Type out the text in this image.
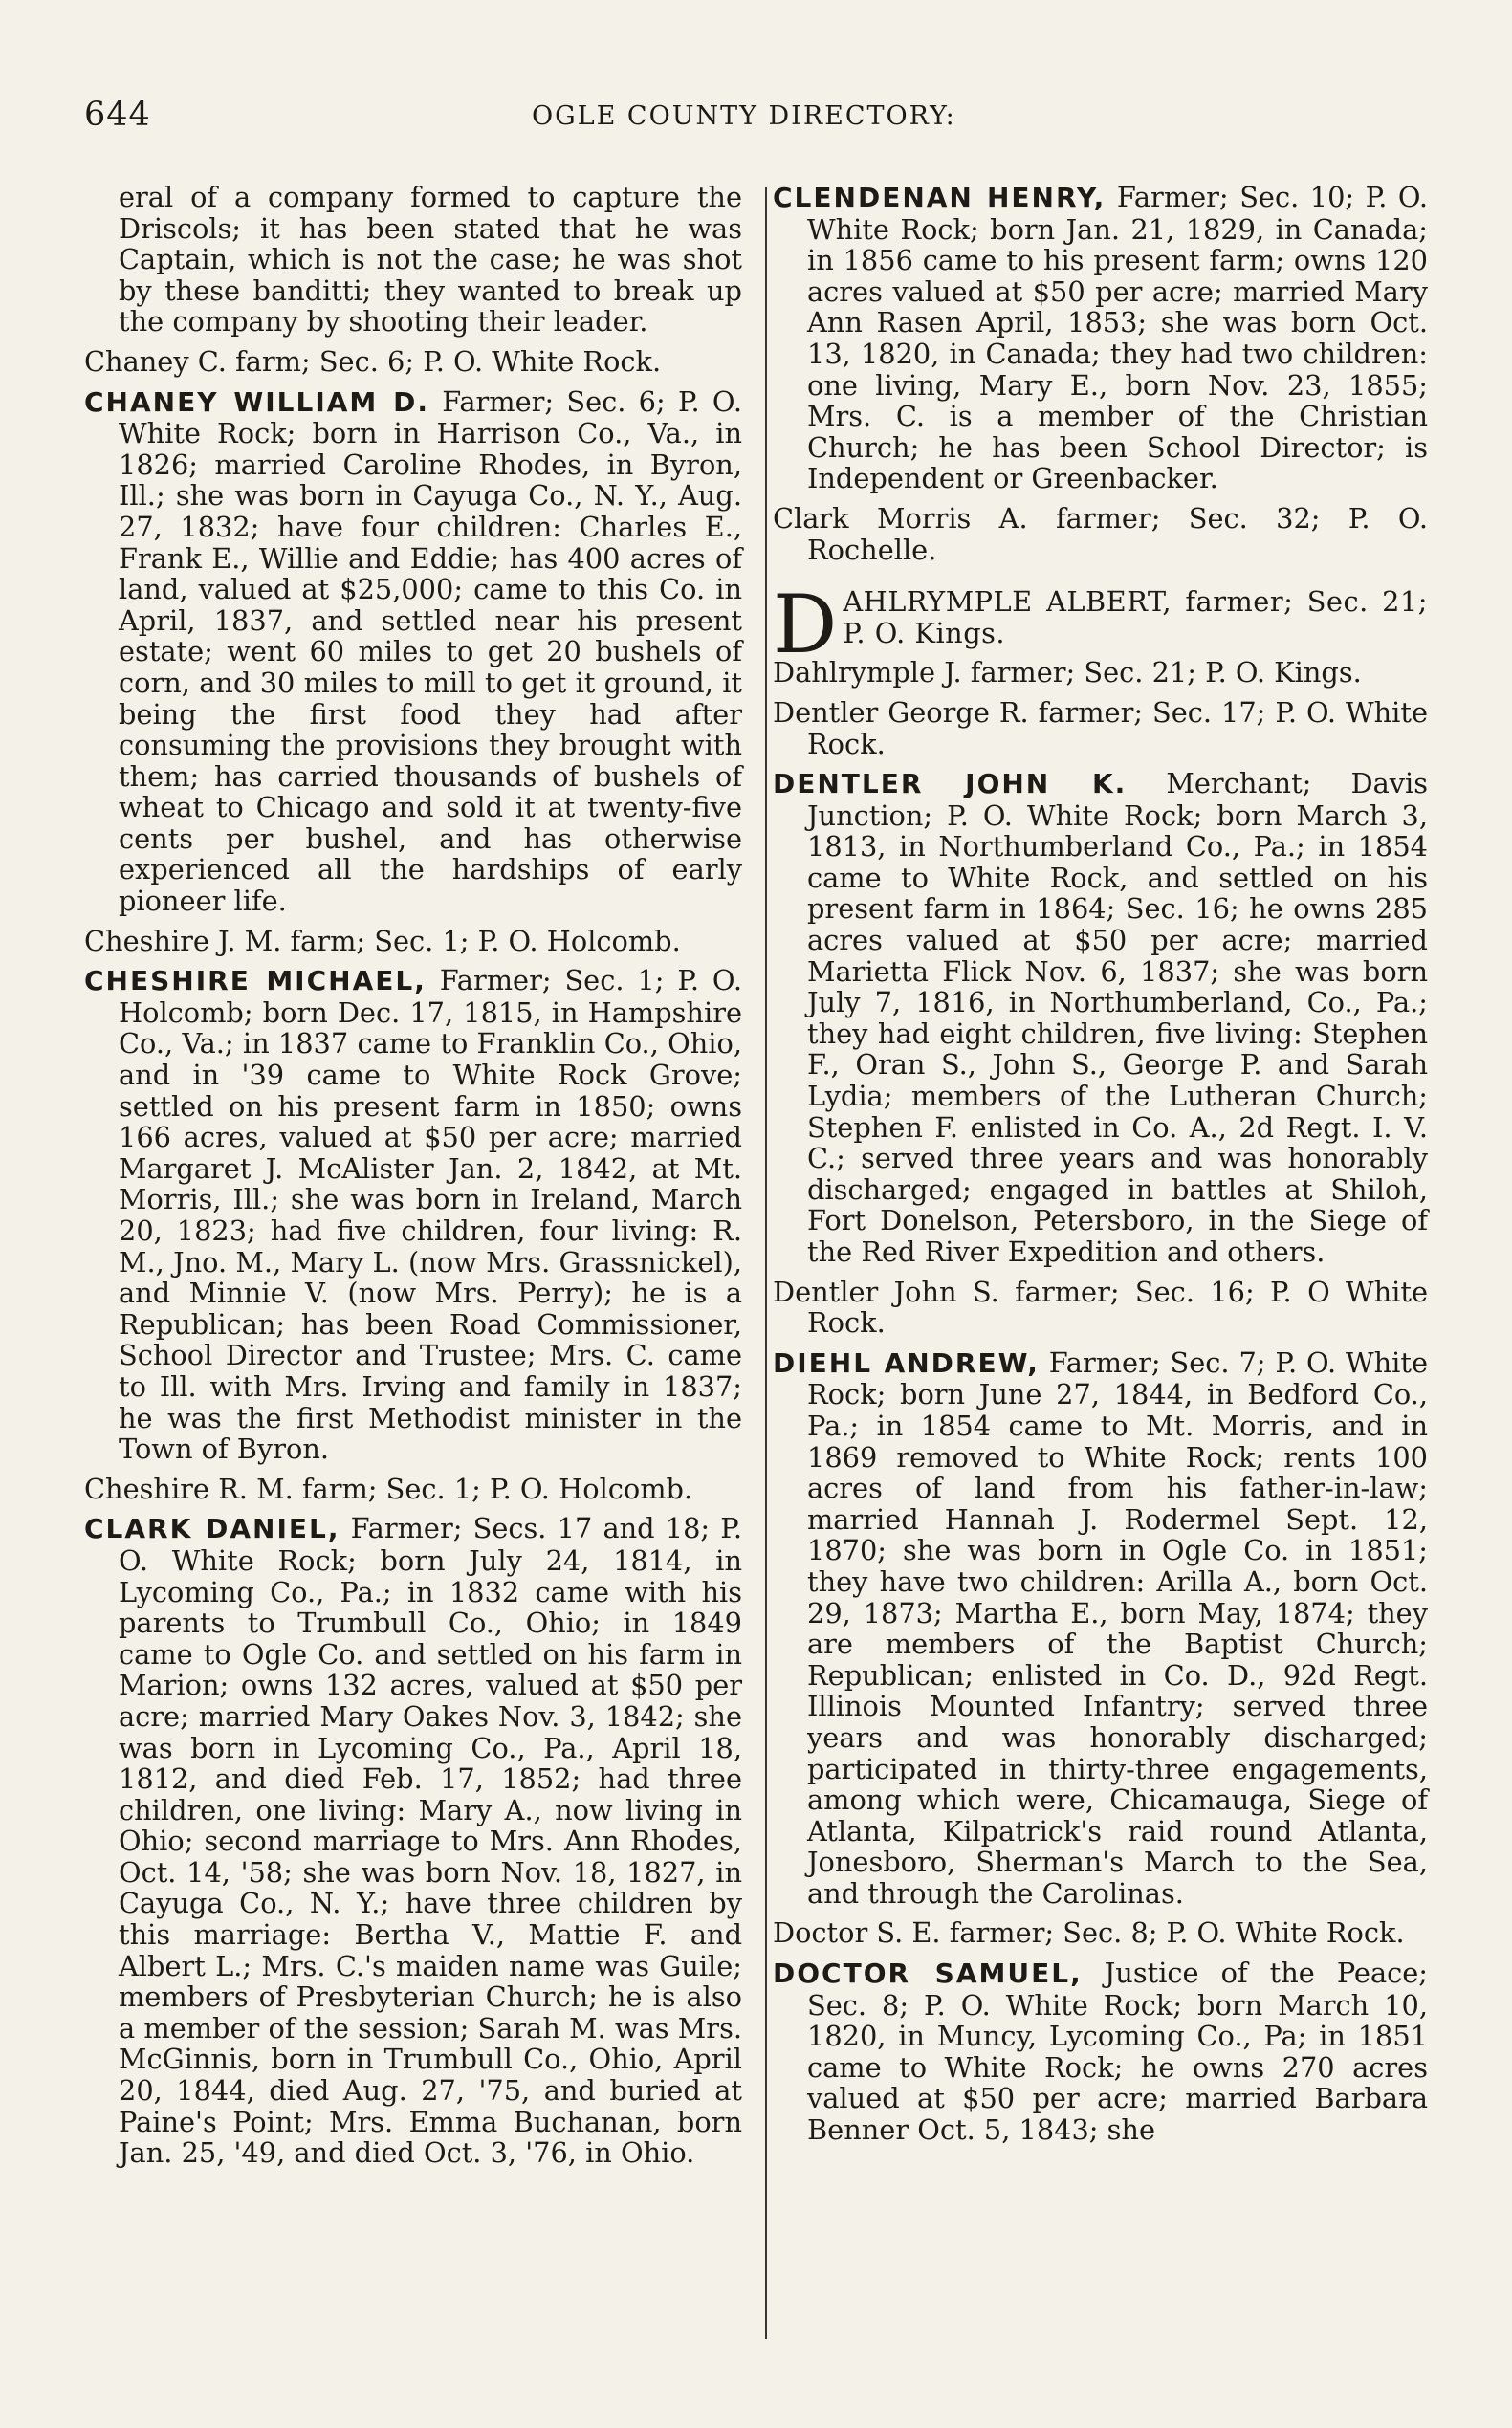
644	OGLE COUNTY DIRECTORY:

eral of a company formed to capture the Driscols; it has been stated that he was Captain, which is not the case; he was shot by these banditti; they wanted to break up the company by shooting their leader.

Chaney C. farm; Sec. 6; P. O. White Rock.

CHANEY WILLIAM D. Farmer; Sec. 6; P. O. White Rock; born in Harrison Co., Va., in 1826; married Caroline Rhodes, in Byron, Ill.; she was born in Cayuga Co., N. Y., Aug. 27, 1832; have four children: Charles E., Frank E., Willie and Eddie; has 400 acres of land, valued at $25,000; came to this Co. in April, 1837, and settled near his present estate; went 60 miles to get 20 bushels of corn, and 30 miles to mill to get it ground, it being the first food they had after consuming the provisions they brought with them; has carried thousands of bushels of wheat to Chicago and sold it at twenty-five cents per bushel, and has otherwise experienced all the hardships of early pioneer life.

Cheshire J. M. farm; Sec. 1; P. O. Holcomb.

CHESHIRE MICHAEL, Farmer; Sec. 1; P. O. Holcomb; born Dec. 17, 1815, in Hampshire Co., Va.; in 1837 came to Franklin Co., Ohio, and in '39 came to White Rock Grove; settled on his present farm in 1850; owns 166 acres, valued at $50 per acre; married Margaret J. McAlister Jan. 2, 1842, at Mt. Morris, Ill.; she was born in Ireland, March 20, 1823; had five children, four living: R. M., Jno. M., Mary L. (now Mrs. Grassnickel), and Minnie V. (now Mrs. Perry); he is a Republican; has been Road Commissioner, School Director and Trustee; Mrs. C. came to Ill. with Mrs. Irving and family in 1837; he was the first Methodist minister in the Town of Byron.

Cheshire R. M. farm; Sec. 1; P. O. Holcomb.

CLARK DANIEL, Farmer; Secs. 17 and 18; P. O. White Rock; born July 24, 1814, in Lycoming Co., Pa.; in 1832 came with his parents to Trumbull Co., Ohio; in 1849 came to Ogle Co. and settled on his farm in Marion; owns 132 acres, valued at $50 per acre; married Mary Oakes Nov. 3, 1842; she was born in Lycoming Co., Pa., April 18, 1812, and died Feb. 17, 1852; had three children, one living: Mary A., now living in Ohio; second marriage to Mrs. Ann Rhodes, Oct. 14, '58; she was born Nov. 18, 1827, in Cayuga Co., N. Y.; have three children by this marriage: Bertha V., Mattie F. and Albert L.; Mrs. C.'s maiden name was Guile; members of Presbyterian Church; he is also a member of the session; Sarah M. was Mrs. McGinnis, born in Trumbull Co., Ohio, April 20, 1844, died Aug. 27, '75, and buried at Paine's Point; Mrs. Emma Buchanan, born Jan. 25, '49, and died Oct. 3, '76, in Ohio.

CLENDENAN HENRY, Farmer; Sec. 10; P. O. White Rock; born Jan. 21, 1829, in Canada; in 1856 came to his present farm; owns 120 acres valued at $50 per acre; married Mary Ann Rasen April, 1853; she was born Oct. 13, 1820, in Canada; they had two children: one living, Mary E., born Nov. 23, 1855; Mrs. C. is a member of the Christian Church; he has been School Director; is Independent or Greenbacker.

Clark Morris A. farmer; Sec. 32; P. O. Rochelle.

DAHLRYMPLE ALBERT, farmer; Sec. 21; P. O. Kings.

Dahlrymple J. farmer; Sec. 21; P. O. Kings.

Dentler George R. farmer; Sec. 17; P. O. White Rock.

DENTLER JOHN K. Merchant; Davis Junction; P. O. White Rock; born March 3, 1813, in Northumberland Co., Pa.; in 1854 came to White Rock, and settled on his present farm in 1864; Sec. 16; he owns 285 acres valued at $50 per acre; married Marietta Flick Nov. 6, 1837; she was born July 7, 1816, in Northumberland, Co., Pa.; they had eight children, five living: Stephen F., Oran S., John S., George P. and Sarah Lydia; members of the Lutheran Church; Stephen F. enlisted in Co. A., 2d Regt. I. V. C.; served three years and was honorably discharged; engaged in battles at Shiloh, Fort Donelson, Petersboro, in the Siege of the Red River Expedition and others.

Dentler John S. farmer; Sec. 16; P. O White Rock.

DIEHL ANDREW, Farmer; Sec. 7; P. O. White Rock; born June 27, 1844, in Bedford Co., Pa.; in 1854 came to Mt. Morris, and in 1869 removed to White Rock; rents 100 acres of land from his father-in-law; married Hannah J. Rodermel Sept. 12, 1870; she was born in Ogle Co. in 1851; they have two children: Arilla A., born Oct. 29, 1873; Martha E., born May, 1874; they are members of the Baptist Church; Republican; enlisted in Co. D., 92d Regt. Illinois Mounted Infantry; served three years and was honorably discharged; participated in thirty-three engagements, among which were, Chicamauga, Siege of Atlanta, Kilpatrick's raid round Atlanta, Jonesboro, Sherman's March to the Sea, and through the Carolinas.

Doctor S. E. farmer; Sec. 8; P. O. White Rock.

DOCTOR SAMUEL, Justice of the Peace; Sec. 8; P. O. White Rock; born March 10, 1820, in Muncy, Lycoming Co., Pa; in 1851 came to White Rock; he owns 270 acres valued at $50 per acre; married Barbara Benner Oct. 5, 1843; she
